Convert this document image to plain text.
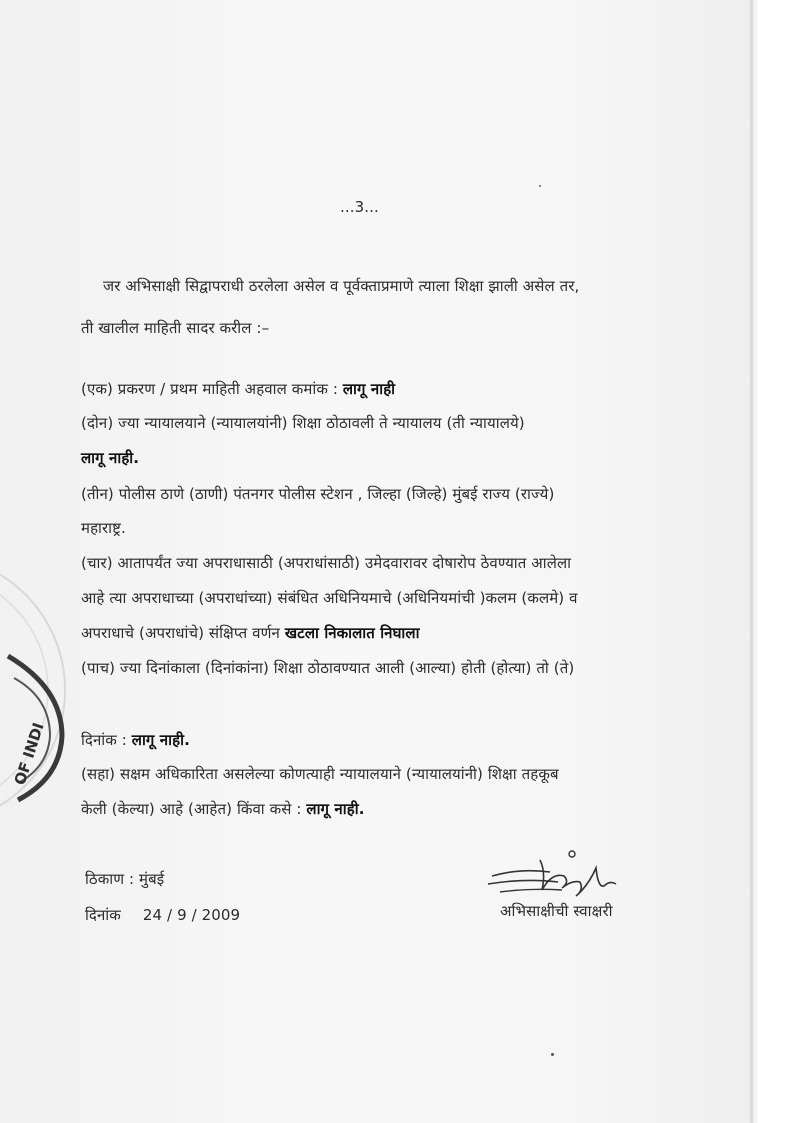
OF INDI
...3...
जर अभिसाक्षी सिद्वापराधी ठरलेला असेल व पूर्वक्ताप्रमाणे त्याला शिक्षा झाली असेल तर,
ती खालील माहिती सादर करील :–
(एक) प्रकरण / प्रथम माहिती अहवाल कमांक : लागू नाही
(दोन) ज्या न्यायालयाने (न्यायालयांनी) शिक्षा ठोठावली ते न्यायालय (ती न्यायालये)
लागू नाही.
(तीन) पोलीस ठाणे (ठाणी) पंतनगर पोलीस स्टेशन , जिल्हा (जिल्हे) मुंबई राज्य (राज्ये)
महाराष्ट्र.
(चार) आतापर्यंत ज्या अपराधासाठी (अपराधांसाठी) उमेदवारावर दोषारोप ठेवण्यात आलेला
आहे त्या अपराधाच्या (अपराधांच्या) संबंधित अधिनियमाचे (अधिनियमांची )कलम (कलमे) व
अपराधाचे (अपराधांचे) संक्षिप्त वर्णन खटला निकालात निघाला
(पाच) ज्या दिनांकाला (दिनांकांना) शिक्षा ठोठावण्यात आली (आल्या) होती (होत्या) तो (ते)
दिनांक : लागू नाही.
(सहा) सक्षम अधिकारिता असलेल्या कोणत्याही न्यायालयाने (न्यायालयांनी) शिक्षा तहकूब
केली (केल्या) आहे (आहेत) किंवा कसे : लागू नाही.
ठिकाण : मुंबई
दिनांक 24 / 9 / 2009	अभिसाक्षीची स्वाक्षरी
